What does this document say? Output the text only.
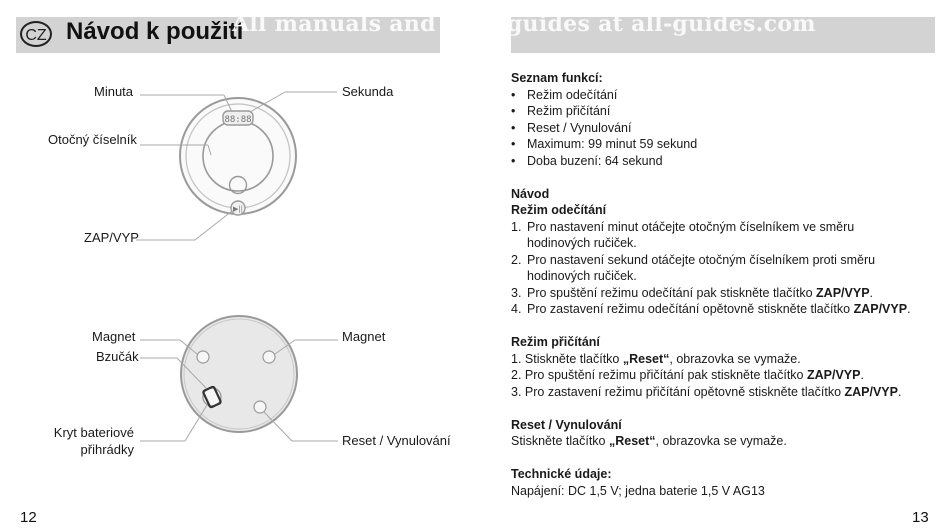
CZ Návod k použití
All manuals and user guides at all-guides.com
▶||
88:88
Minuta	Sekunda
Otočný číselník
ZAP/VYP
Magnet	Magnet
Bzučák
Kryt bateriové
přihrádky
Reset / Vynulování
Seznam funkcí:
• Režim odečítání
• Režim přičítání
• Reset / Vynulování
• Maximum: 99 minut 59 sekund
• Doba buzení: 64 sekund
Návod
Režim odečítání
1. Pro nastavení minut otáčejte otočným číselníkem ve směru
hodinových ručiček.
2. Pro nastavení sekund otáčejte otočným číselníkem proti směru
hodinových ručiček.
3. Pro spuštění režimu odečítání pak stiskněte tlačítko ZAP/VYP.
4. Pro zastavení režimu odečítání opětovně stiskněte tlačítko ZAP/VYP.
Režim přičítání
1. Stiskněte tlačítko „Reset“, obrazovka se vymaže.
2. Pro spuštění režimu přičítání pak stiskněte tlačítko ZAP/VYP.
3. Pro zastavení režimu přičítání opětovně stiskněte tlačítko ZAP/VYP.
Reset / Vynulování
Stiskněte tlačítko „Reset“, obrazovka se vymaže.
Technické údaje:
Napájení: DC 1,5 V; jedna baterie 1,5 V AG13
12	13
